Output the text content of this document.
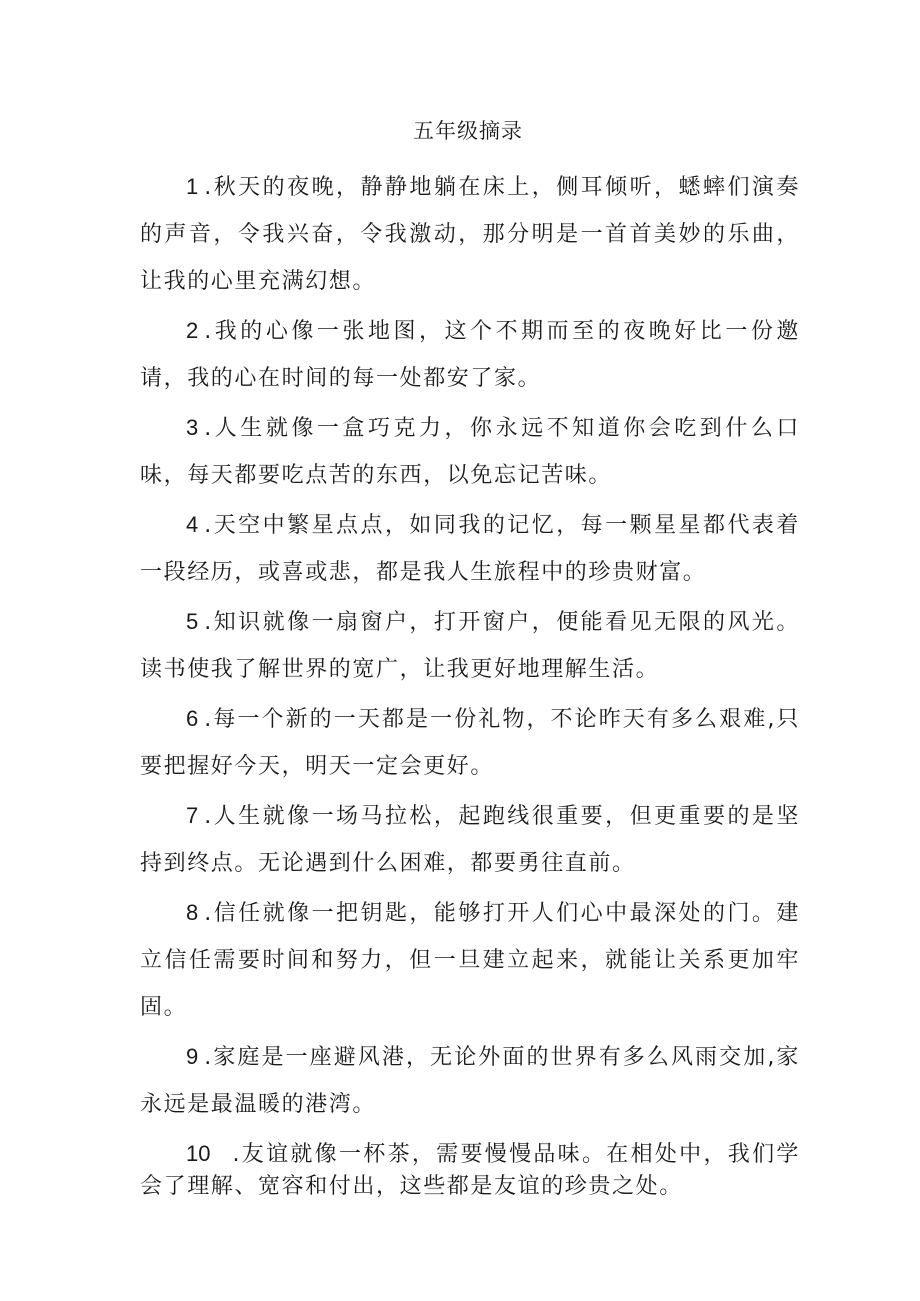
五年级摘录

1 .秋天的夜晚，静静地躺在床上，侧耳倾听，蟋蟀们演奏的声音，令我兴奋，令我激动，那分明是一首首美妙的乐曲，让我的心里充满幻想。

2 .我的心像一张地图，这个不期而至的夜晚好比一份邀请，我的心在时间的每一处都安了家。

3 .人生就像一盒巧克力，你永远不知道你会吃到什么口味，每天都要吃点苦的东西，以免忘记苦味。

4 .天空中繁星点点，如同我的记忆，每一颗星星都代表着一段经历，或喜或悲，都是我人生旅程中的珍贵财富。

5 .知识就像一扇窗户，打开窗户，便能看见无限的风光。读书使我了解世界的宽广，让我更好地理解生活。

6 .每一个新的一天都是一份礼物，不论昨天有多么艰难,只要把握好今天，明天一定会更好。

7 .人生就像一场马拉松，起跑线很重要，但更重要的是坚持到终点。无论遇到什么困难，都要勇往直前。

8 .信任就像一把钥匙，能够打开人们心中最深处的门。建立信任需要时间和努力，但一旦建立起来，就能让关系更加牢固。

9 .家庭是一座避风港，无论外面的世界有多么风雨交加,家永远是最温暖的港湾。

10 .友谊就像一杯茶，需要慢慢品味。在相处中，我们学会了理解、宽容和付出，这些都是友谊的珍贵之处。
